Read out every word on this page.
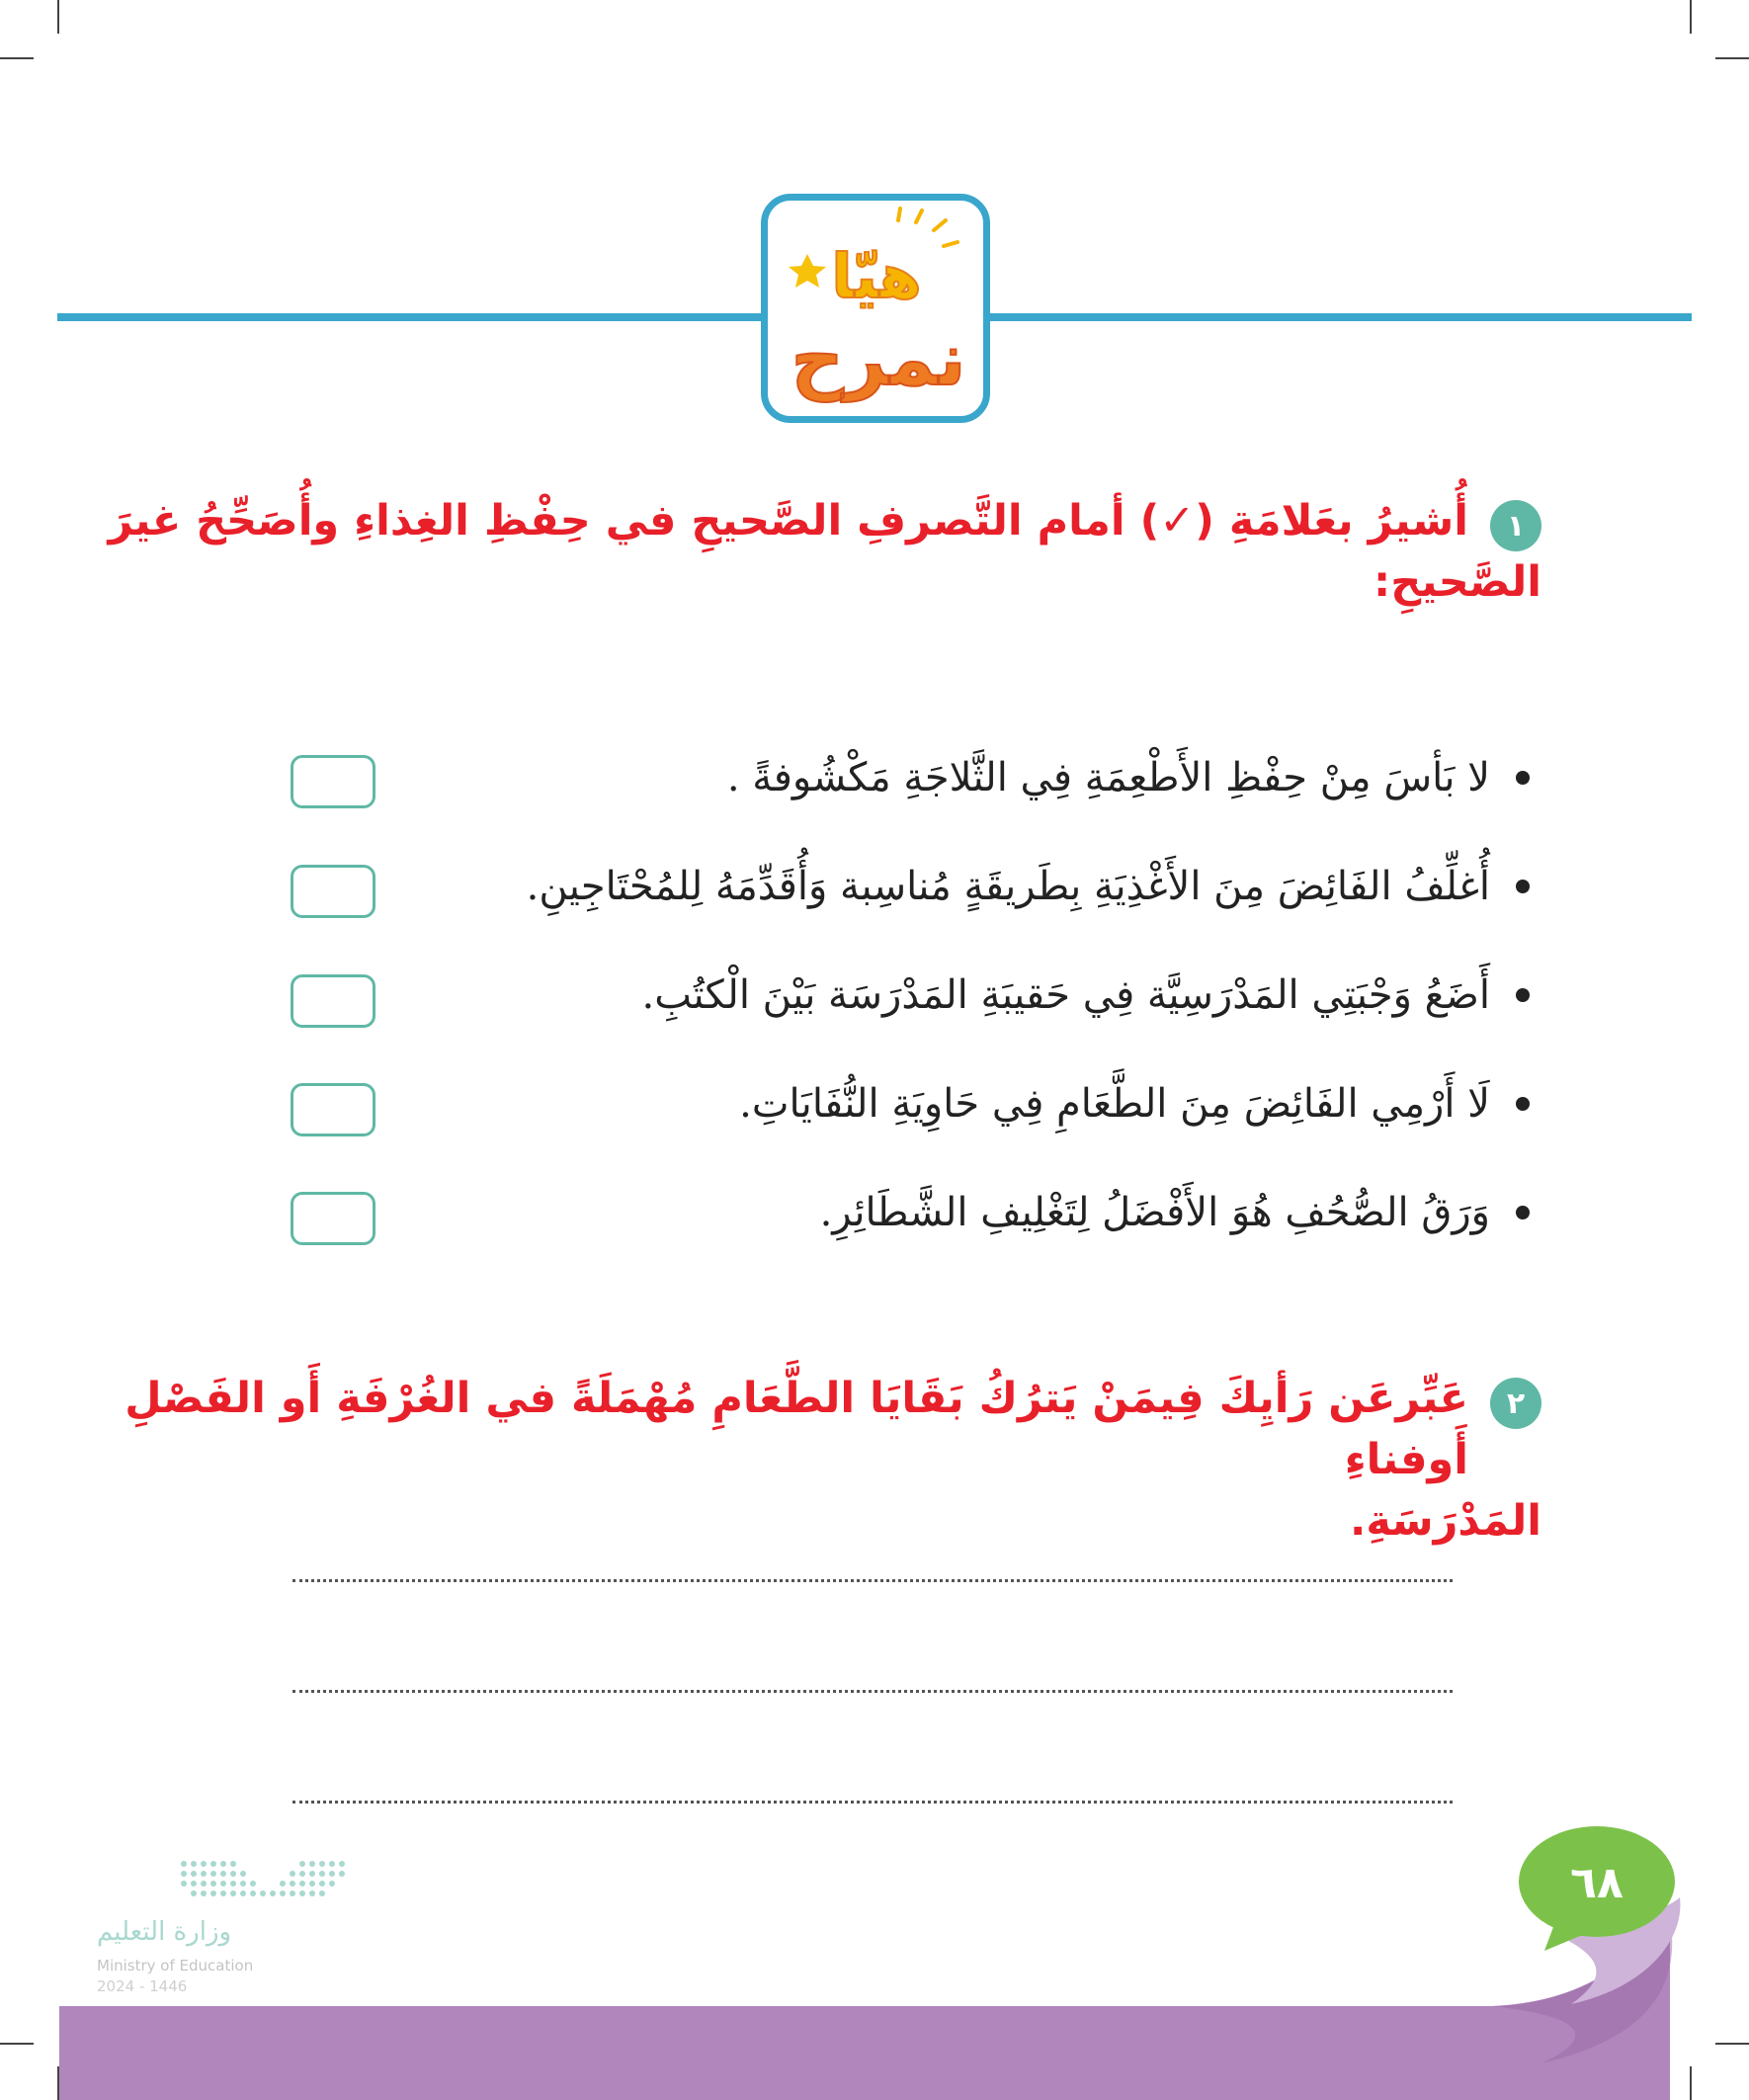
هيّا
نمرح
١
أُشيرُ بعَلامَةِ (✓) أمام التَّصرفِ الصَّحيحِ في حِفْظِ الغِذاءِ وأُصَحِّحُ غيرَ
الصَّحيحِ:
لا بَأسَ مِنْ حِفْظِ الأَطْعِمَةِ فِي الثَّلاجَةِ مَكْشُوفةً .
أُغلِّفُ الفَائِضَ مِنَ الأَغْذِيَةِ بِطَريقَةٍ مُناسِبة وَأُقَدِّمَهُ لِلمُحْتَاجِينِ.
أَضَعُ وَجْبَتِي المَدْرَسِيَّة فِي حَقيبَةِ المَدْرَسَة بَيْنَ الْكتُبِ.
لَا أَرْمِي الفَائِضَ مِنَ الطَّعَامِ فِي حَاوِيَةِ النُّفَايَاتِ.
وَرَقُ الصُّحُفِ هُوَ الأَفْضَلُ لِتَغْلِيفِ الشَّطَائِرِ.
٢
عَبِّرعَن رَأيِكَ فِيمَنْ يَترُكُ بَقَايَا الطَّعَامِ مُهْمَلَةً في الغُرْفَةِ أَو الفَصْلِ أَوفناءِ
المَدْرَسَةِ.
٦٨
وزارة التعليم
Ministry of Education
2024 - 1446
